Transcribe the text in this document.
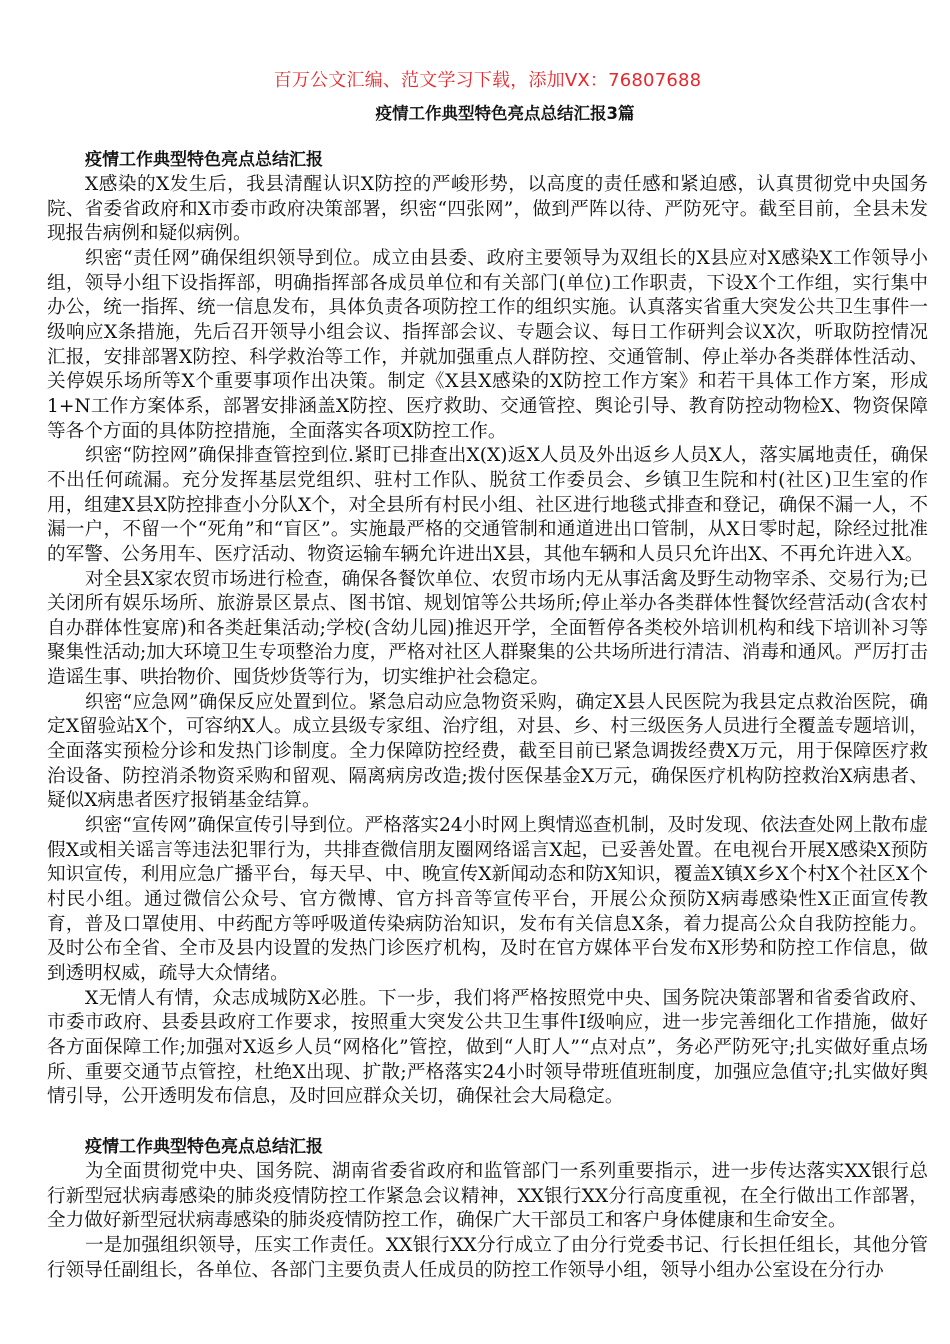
百万公文汇编、范文学习下载，添加VX：76807688
疫情工作典型特色亮点总结汇报3篇
疫情工作典型特色亮点总结汇报

X感染的X发生后，我县清醒认识X防控的严峻形势，以高度的责任感和紧迫感，认真贯彻党中央国务院、省委省政府和X市委市政府决策部署，织密“四张网”，做到严阵以待、严防死守。截至目前，全县未发现报告病例和疑似病例。

织密“责任网”确保组织领导到位。成立由县委、政府主要领导为双组长的X县应对X感染X工作领导小组，领导小组下设指挥部，明确指挥部各成员单位和有关部门(单位)工作职责，下设X个工作组，实行集中办公，统一指挥、统一信息发布，具体负责各项防控工作的组织实施。认真落实省重大突发公共卫生事件一级响应X条措施，先后召开领导小组会议、指挥部会议、专题会议、每日工作研判会议X次，听取防控情况汇报，安排部署X防控、科学救治等工作，并就加强重点人群防控、交通管制、停止举办各类群体性活动、关停娱乐场所等X个重要事项作出决策。制定《X县X感染的X防控工作方案》和若干具体工作方案，形成1+N工作方案体系，部署安排涵盖X防控、医疗救助、交通管控、舆论引导、教育防控动物检X、物资保障等各个方面的具体防控措施，全面落实各项X防控工作。

织密“防控网”确保排查管控到位.紧盯已排查出X(X)返X人员及外出返乡人员X人，落实属地责任，确保不出任何疏漏。充分发挥基层党组织、驻村工作队、脱贫工作委员会、乡镇卫生院和村(社区)卫生室的作用，组建X县X防控排查小分队X个，对全县所有村民小组、社区进行地毯式排查和登记，确保不漏一人，不漏一户，不留一个“死角”和“盲区”。实施最严格的交通管制和通道进出口管制，从X日零时起，除经过批准的军警、公务用车、医疗活动、物资运输车辆允许进出X县，其他车辆和人员只允许出X、不再允许进入X。

对全县X家农贸市场进行检查，确保各餐饮单位、农贸市场内无从事活禽及野生动物宰杀、交易行为;已关闭所有娱乐场所、旅游景区景点、图书馆、规划馆等公共场所;停止举办各类群体性餐饮经营活动(含农村自办群体性宴席)和各类赶集活动;学校(含幼儿园)推迟开学，全面暂停各类校外培训机构和线下培训补习等聚集性活动;加大环境卫生专项整治力度，严格对社区人群聚集的公共场所进行清洁、消毒和通风。严厉打击造谣生事、哄抬物价、囤货炒货等行为，切实维护社会稳定。

织密“应急网”确保反应处置到位。紧急启动应急物资采购，确定X县人民医院为我县定点救治医院，确定X留验站X个，可容纳X人。成立县级专家组、治疗组，对县、乡、村三级医务人员进行全覆盖专题培训，全面落实预检分诊和发热门诊制度。全力保障防控经费，截至目前已紧急调拨经费X万元，用于保障医疗救治设备、防控消杀物资采购和留观、隔离病房改造;拨付医保基金X万元，确保医疗机构防控救治X病患者、疑似X病患者医疗报销基金结算。

织密“宣传网”确保宣传引导到位。严格落实24小时网上舆情巡查机制，及时发现、依法查处网上散布虚假X或相关谣言等违法犯罪行为，共排查微信朋友圈网络谣言X起，已妥善处置。在电视台开展X感染X预防知识宣传，利用应急广播平台，每天早、中、晚宣传X新闻动态和防X知识，覆盖X镇X乡X个村X个社区X个村民小组。通过微信公众号、官方微博、官方抖音等宣传平台，开展公众预防X病毒感染性X正面宣传教育，普及口罩使用、中药配方等呼吸道传染病防治知识，发布有关信息X条，着力提高公众自我防控能力。及时公布全省、全市及县内设置的发热门诊医疗机构，及时在官方媒体平台发布X形势和防控工作信息，做到透明权威，疏导大众情绪。

X无情人有情，众志成城防X必胜。下一步，我们将严格按照党中央、国务院决策部署和省委省政府、市委市政府、县委县政府工作要求，按照重大突发公共卫生事件Ⅰ级响应，进一步完善细化工作措施，做好各方面保障工作;加强对X返乡人员“网格化”管控，做到“人盯人”“点对点”，务必严防死守;扎实做好重点场所、重要交通节点管控，杜绝X出现、扩散;严格落实24小时领导带班值班制度，加强应急值守;扎实做好舆情引导，公开透明发布信息，及时回应群众关切，确保社会大局稳定。

疫情工作典型特色亮点总结汇报

为全面贯彻党中央、国务院、湖南省委省政府和监管部门一系列重要指示，进一步传达落实XX银行总行新型冠状病毒感染的肺炎疫情防控工作紧急会议精神，XX银行XX分行高度重视，在全行做出工作部署，全力做好新型冠状病毒感染的肺炎疫情防控工作，确保广大干部员工和客户身体健康和生命安全。

一是加强组织领导，压实工作责任。XX银行XX分行成立了由分行党委书记、行长担任组长，其他分管行领导任副组长，各单位、各部门主要负责人任成员的防控工作领导小组，领导小组办公室设在分行办
